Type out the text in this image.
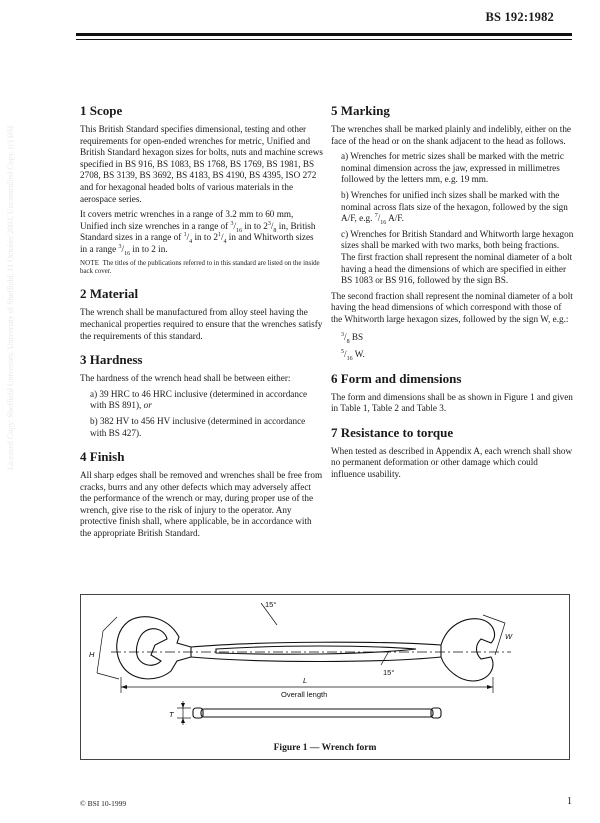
Licensed Copy: Sheffield University, University of Sheffield, 11 October 2003, Uncontrolled Copy, (c) BSI
BS 192:1982
1 Scope

This British Standard specifies dimensional, testing and other requirements for open-ended wrenches for metric, Unified and British Standard hexagon sizes for bolts, nuts and machine screws specified in BS 916, BS 1083, BS 1768, BS 1769, BS 1981, BS 2708, BS 3139, BS 3692, BS 4183, BS 4190, BS 4395, ISO 272 and for hexagonal headed bolts of various materials in the aerospace series.

It covers metric wrenches in a range of 3.2 mm to 60 mm, Unified inch size wrenches in a range of $^3/_{16}$ in to $2^3/_8$ in, British Standard sizes in a range of $^1/_4$ in to $2^1/_4$ in and Whitworth sizes in a range $^3/_{16}$ in to 2 in.

NOTE The titles of the publications referred to in this standard are listed on the inside back cover.
2 Material

The wrench shall be manufactured from alloy steel having the mechanical properties required to ensure that the wrenches satisfy the requirements of this standard.

3 Hardness

The hardness of the wrench head shall be between either:

a) 39 HRC to 46 HRC inclusive (determined in accordance with BS 891), or

b) 382 HV to 456 HV inclusive (determined in accordance with BS 427).

4 Finish

All sharp edges shall be removed and wrenches shall be free from cracks, burrs and any other defects which may adversely affect the performance of the wrench or may, during proper use of the wrench, give rise to the risk of injury to the operator. Any protective finish shall, where applicable, be in accordance with the appropriate British Standard.

5 Marking

The wrenches shall be marked plainly and indelibly, either on the face of the head or on the shank adjacent to the head as follows.

a) Wrenches for metric sizes shall be marked with the metric nominal dimension across the jaw, expressed in millimetres followed by the letters mm, e.g. 19 mm.

b) Wrenches for unified inch sizes shall be marked with the nominal across flats size of the hexagon, followed by the sign A/F, e.g. $^7/_{16}$ A/F.

c) Wrenches for British Standard and Whitworth large hexagon sizes shall be marked with two marks, both being fractions. The first fraction shall represent the nominal diameter of a bolt having a head the dimensions of which are specified in either BS 1083 or BS 916, followed by the sign BS.

The second fraction shall represent the nominal diameter of a bolt having the head dimensions of which correspond with those of the Whitworth large hexagon sizes, followed by the sign W, e.g.:

$^3/_8$ BS

$^5/_{16}$ W.

6 Form and dimensions

The form and dimensions shall be as shown in Figure 1 and given in Table 1, Table 2 and Table 3.

7 Resistance to torque

When tested as described in Appendix A, each wrench shall show no permanent deformation or other damage which could influence usability.

15°
15°
H
W
L
Overall length
T
Figure 1 — Wrench form
© BSI 10-1999	1
